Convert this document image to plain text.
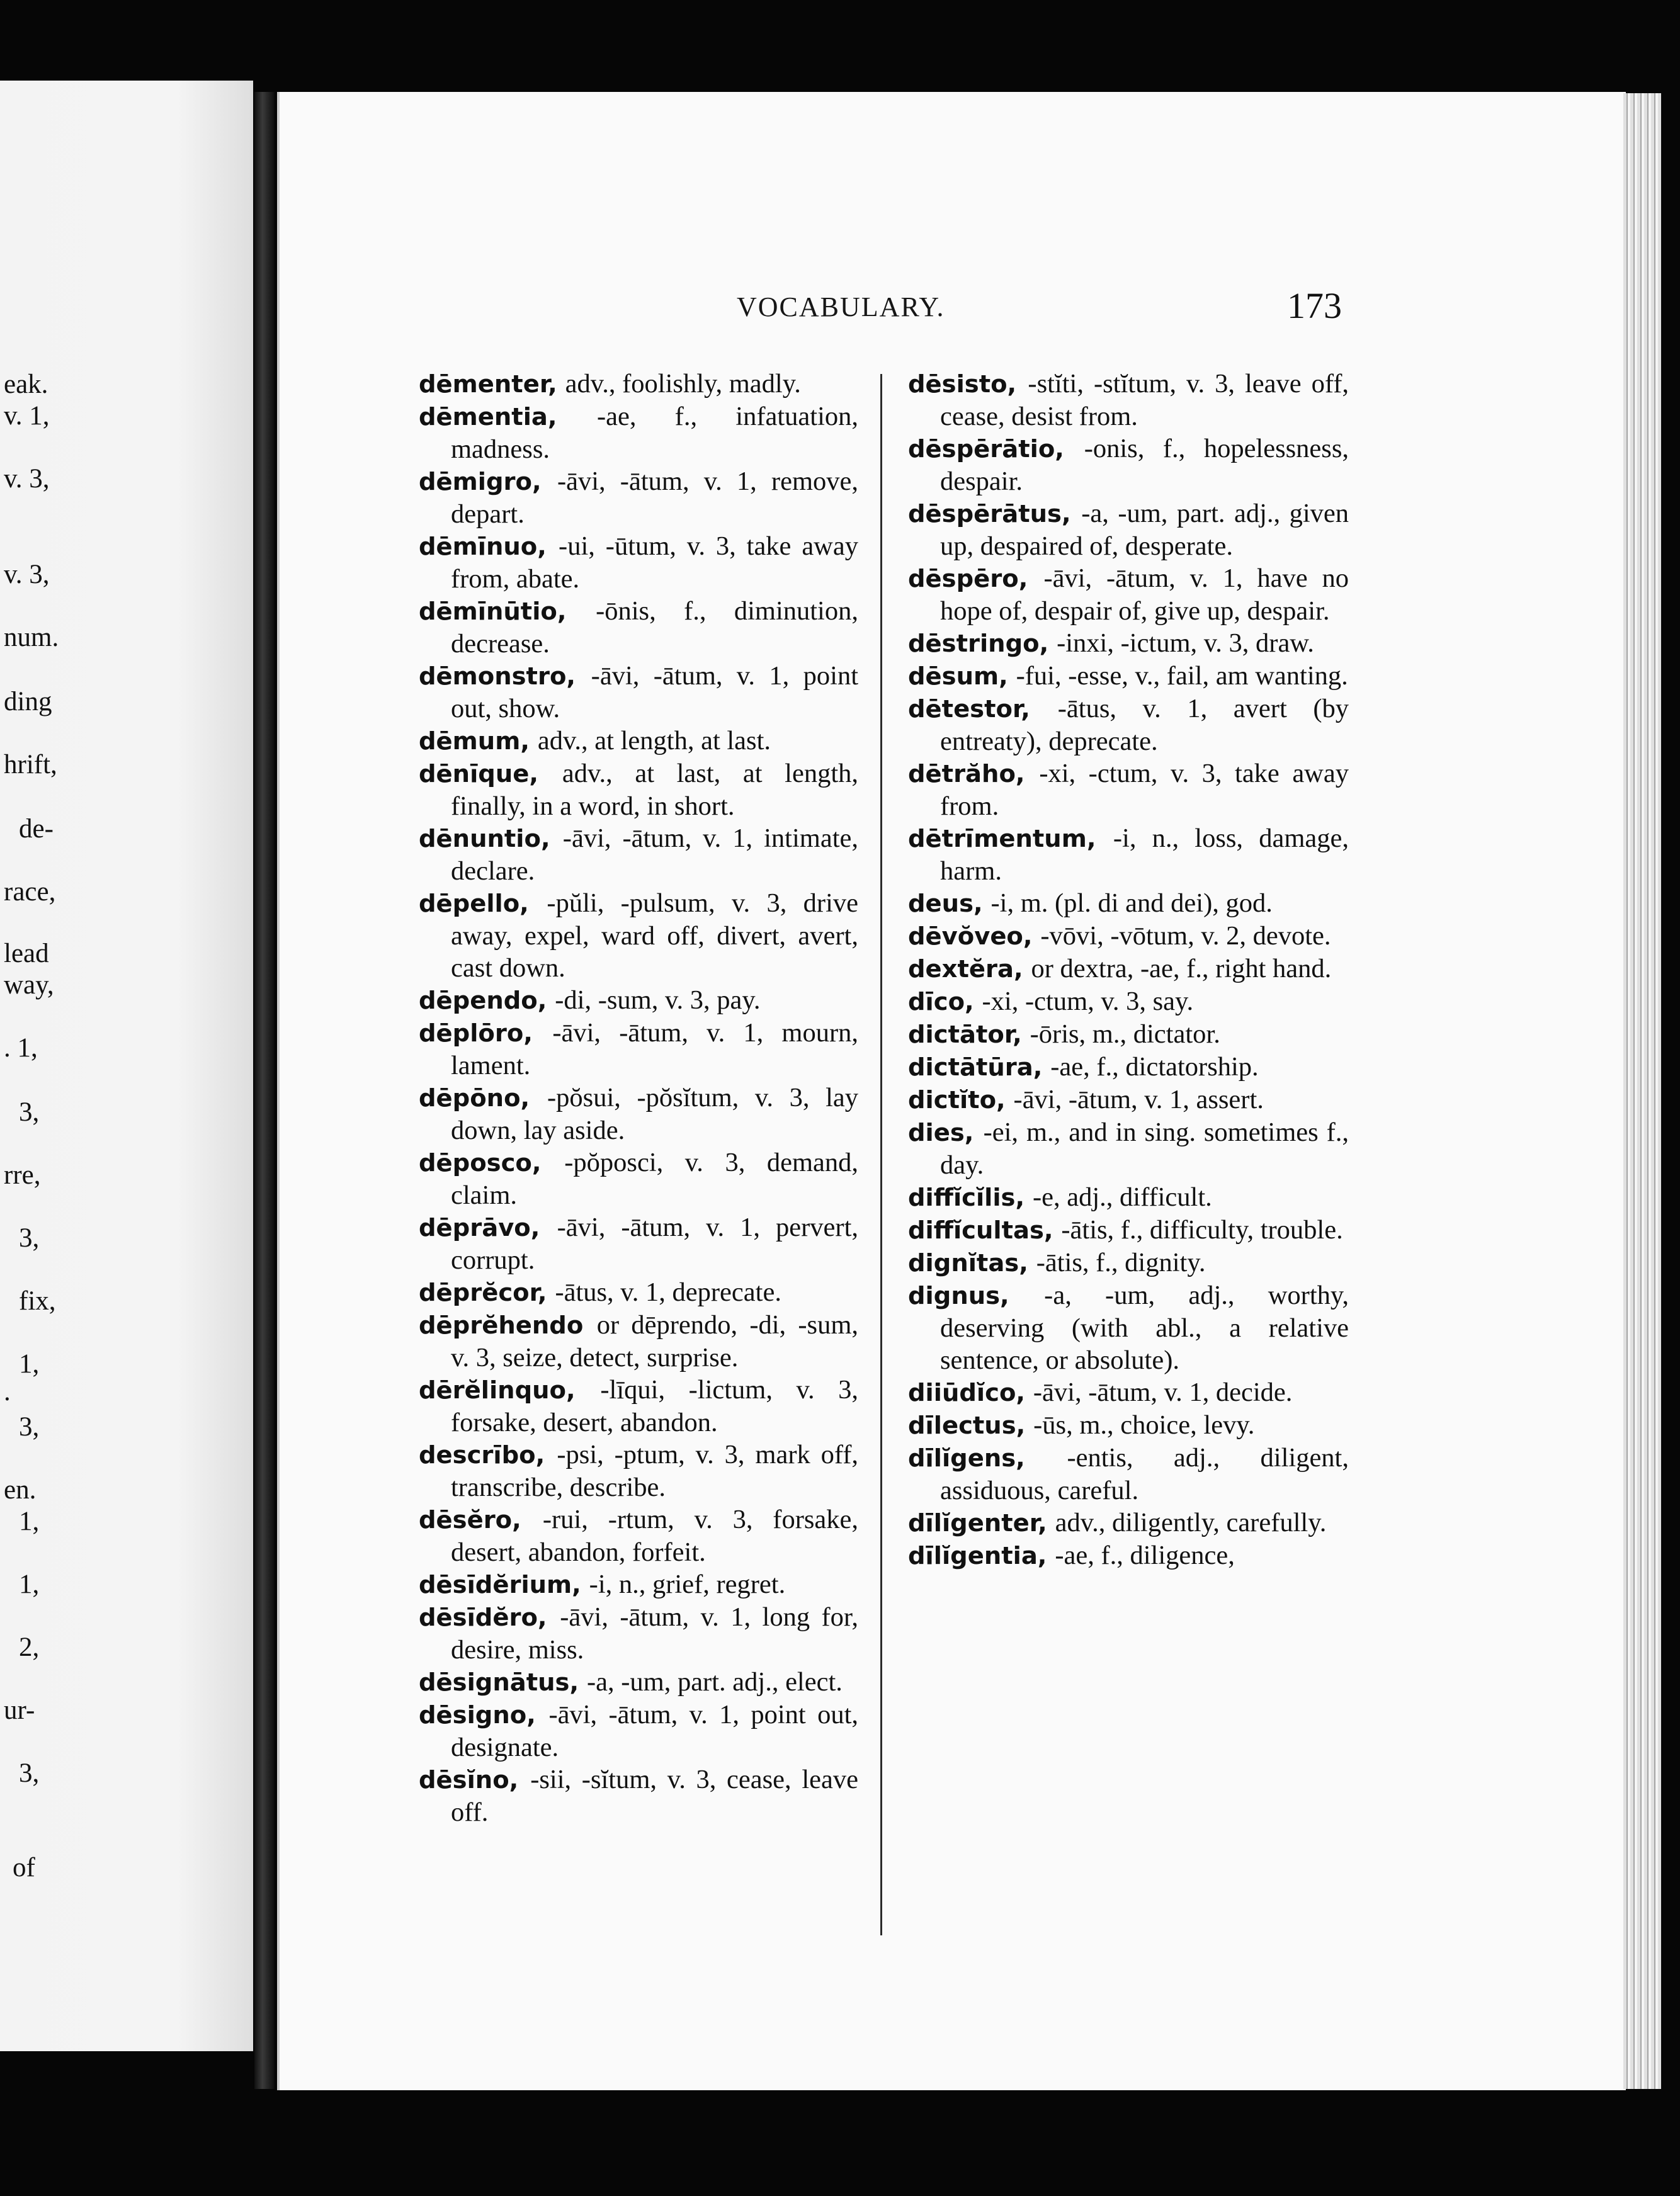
eak.
v. 1,
v. 3,
v. 3,
num.
ding
hrift,
de-
race,
lead
way,
. 1,
3,
rre,
3,
fix,
1,
.
3,
en.
1,
1,
2,
ur-
3,
of
VOCABULARY.	173

dēmenter, adv., foolishly, madly.

dēmentia, -ae, f., infatuation, madness.

dēmigro, -āvi, -ātum, v. 1, remove, depart.

dēmīnuo, -ui, -ūtum, v. 3, take away from, abate.

dēmīnūtio, -ōnis, f., diminution, decrease.

dēmonstro, -āvi, -ātum, v. 1, point out, show.

dēmum, adv., at length, at last.

dēnīque, adv., at last, at length, finally, in a word, in short.

dēnuntio, -āvi, -ātum, v. 1, intimate, declare.

dēpello, -pŭli, -pulsum, v. 3, drive away, expel, ward off, divert, avert, cast down.

dēpendo, -di, -sum, v. 3, pay.

dēplōro, -āvi, -ātum, v. 1, mourn, lament.

dēpōno, -pŏsui, -pŏsĭtum, v. 3, lay down, lay aside.

dēposco, -pŏposci, v. 3, demand, claim.

dēprāvo, -āvi, -ātum, v. 1, pervert, corrupt.

dēprĕcor, -ātus, v. 1, deprecate.

dēprĕhendo or dēprendo, -di, -sum, v. 3, seize, detect, surprise.

dērĕlinquo, -līqui, -lictum, v. 3, forsake, desert, abandon.

descrībo, -psi, -ptum, v. 3, mark off, transcribe, describe.

dēsĕro, -rui, -rtum, v. 3, forsake, desert, abandon, forfeit.

dēsīdĕrium, -i, n., grief, regret.

dēsīdĕro, -āvi, -ātum, v. 1, long for, desire, miss.

dēsignātus, -a, -um, part. adj., elect.

dēsigno, -āvi, -ātum, v. 1, point out, designate.

dēsĭno, -sii, -sĭtum, v. 3, cease, leave off.

dēsisto, -stĭti, -stĭtum, v. 3, leave off, cease, desist from.

dēspērātio, -onis, f., hopelessness, despair.

dēspērātus, -a, -um, part. adj., given up, despaired of, desperate.

dēspēro, -āvi, -ātum, v. 1, have no hope of, despair of, give up, despair.

dēstringo, -inxi, -ictum, v. 3, draw.

dēsum, -fui, -esse, v., fail, am wanting.

dētestor, -ātus, v. 1, avert (by entreaty), deprecate.

dētrăho, -xi, -ctum, v. 3, take away from.

dētrīmentum, -i, n., loss, damage, harm.

deus, -i, m. (pl. di and dei), god.

dēvŏveo, -vōvi, -vōtum, v. 2, devote.

dextĕra, or dextra, -ae, f., right hand.

dīco, -xi, -ctum, v. 3, say.

dictātor, -ōris, m., dictator.

dictātūra, -ae, f., dictatorship.

dictĭto, -āvi, -ātum, v. 1, assert.

dies, -ei, m., and in sing. sometimes f., day.

diffĭcĭlis, -e, adj., difficult.

diffĭcultas, -ātis, f., difficulty, trouble.

dignĭtas, -ātis, f., dignity.

dignus, -a, -um, adj., worthy, deserving (with abl., a relative sentence, or absolute).

diiūdĭco, -āvi, -ātum, v. 1, decide.

dīlectus, -ūs, m., choice, levy.

dīlĭgens, -entis, adj., diligent, assiduous, careful.

dīlĭgenter, adv., diligently, carefully.

dīlĭgentia, -ae, f., diligence,
